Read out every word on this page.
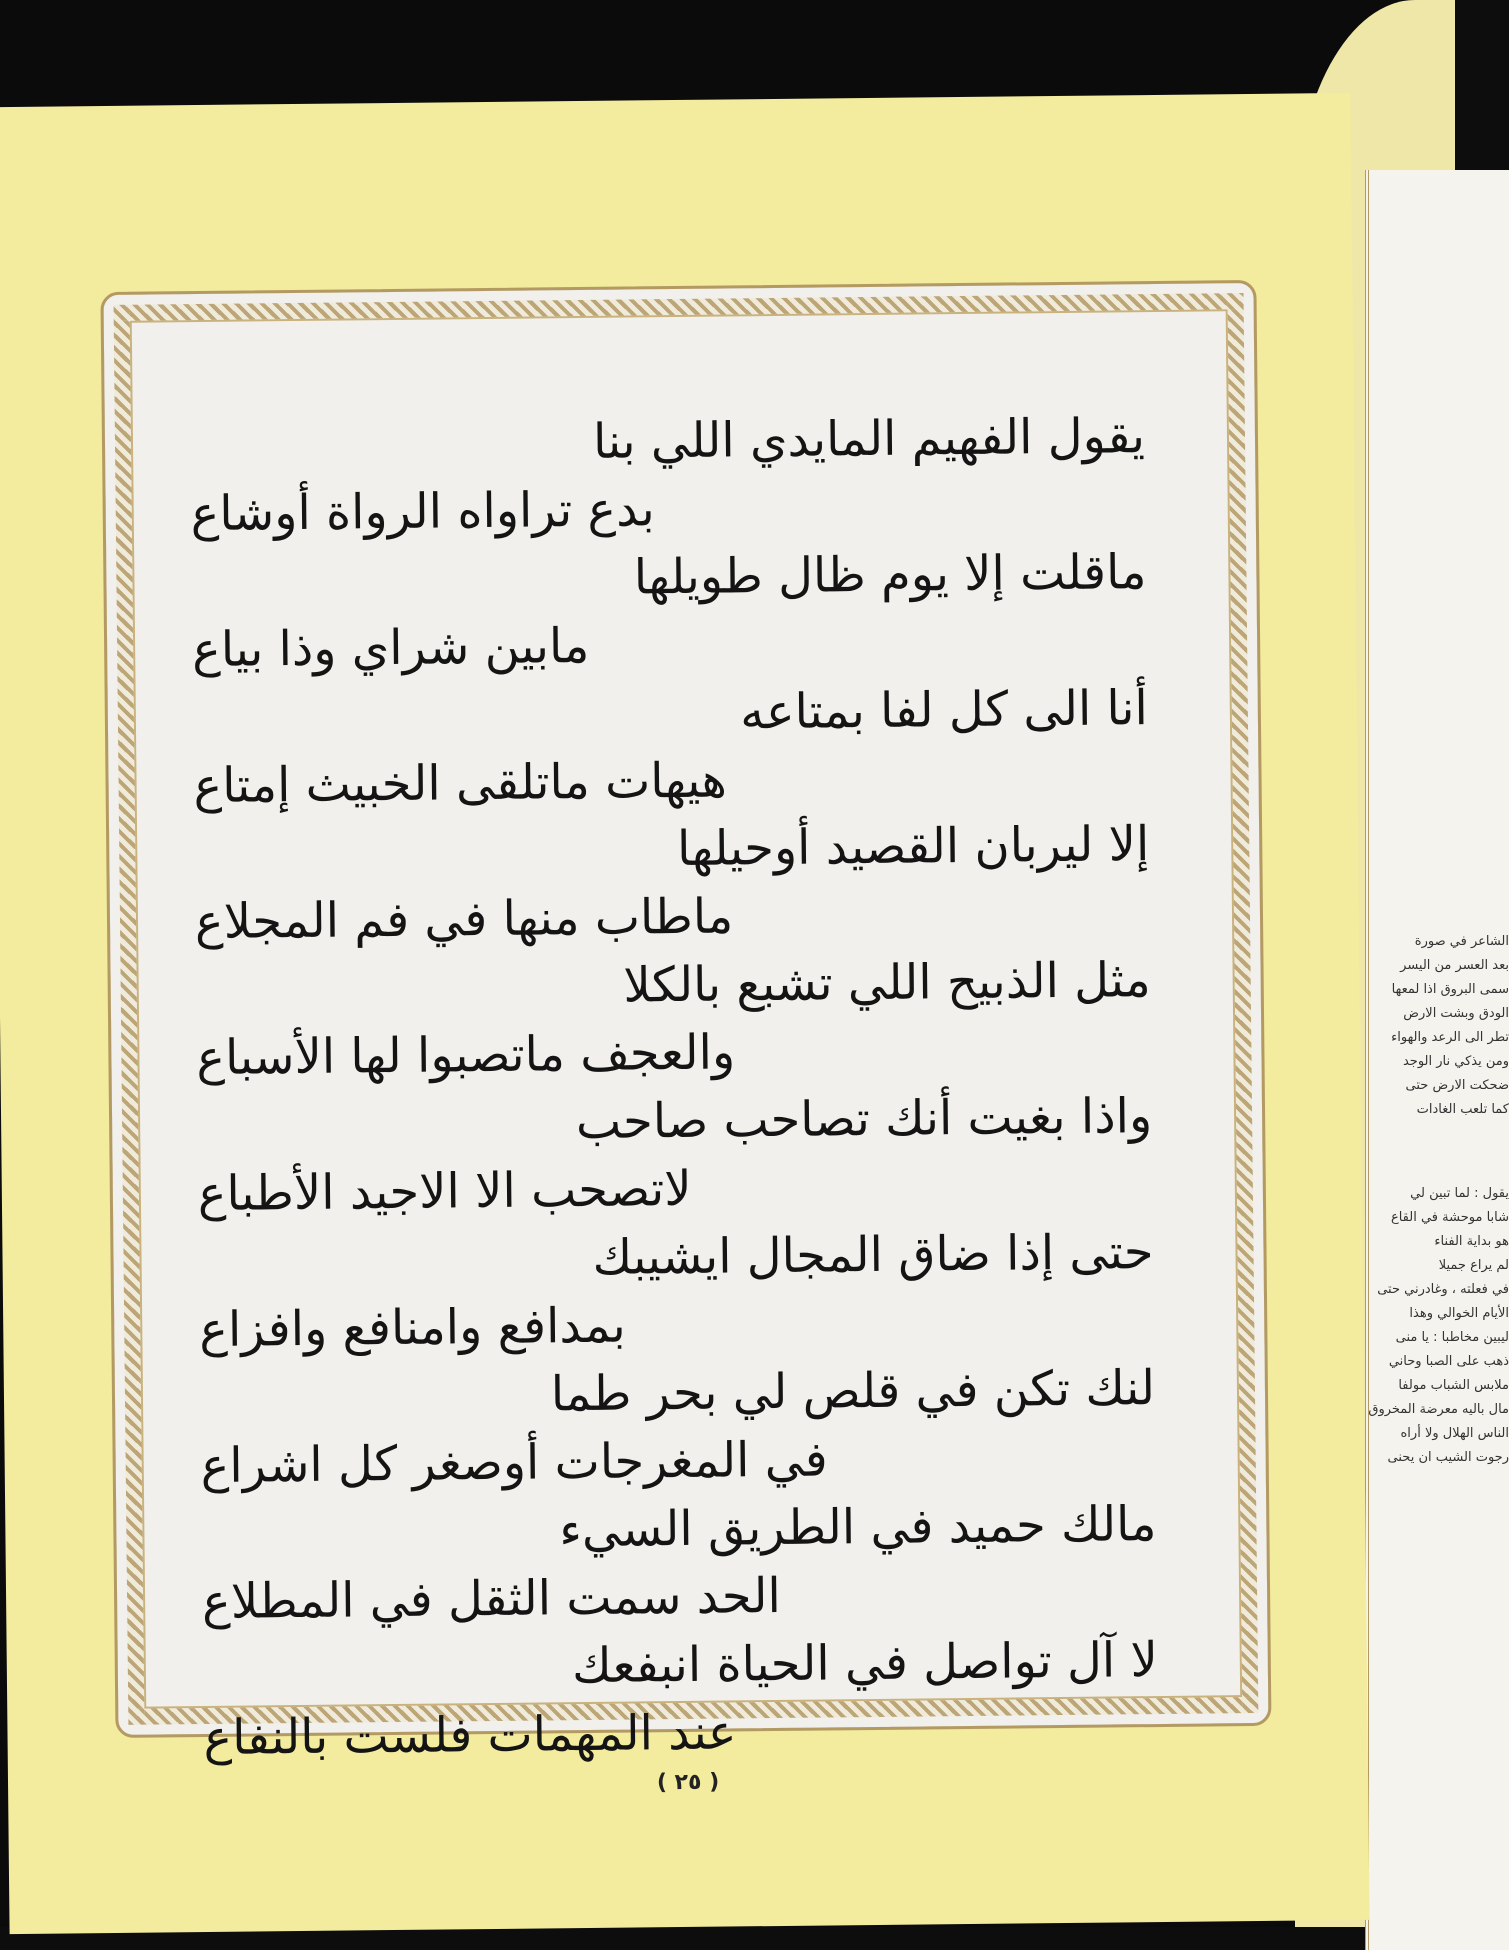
الشاعر في صورة

بعد العسر من اليسر

سمى البروق اذا لمعها

الودق وبشت الارض

تطر الى الرعد والهواء

ومن يذكي نار الوجد

ضحكت الارض حتى

كما تلعب الغادات

يقول : لما تبين لي

شابا موحشة في القاع

هو بداية الفناء

لم يراع جميلا

في فعلته ، وغادرني حتى

الأيام الخوالي وهذا

ليبين مخاطبا : يا منى

ذهب على الصبا وحاني

ملابس الشباب مولفا

مال باليه معرضة المخروق

الناس الهلال ولا أراه

رجوت الشيب ان يحنى

يقول الفهيم المايدي اللي بنا
بدع تراواه الرواة أوشاع
ماقلت إلا يوم ظال طويلها
مابين شراي وذا بياع
أنا الى كل لفا بمتاعه
هيهات ماتلقى الخبيث إمتاع
إلا ليربان القصيد أوحيلها
ماطاب منها في فم المجلاع
مثل الذبيح اللي تشبع بالكلا
والعجف ماتصبوا لها الأسباع
واذا بغيت أنك تصاحب صاحب
لاتصحب الا الاجيد الأطباع
حتى إذا ضاق المجال ايشيبك
بمدافع وامنافع وافزاع
لنك تكن في قلص لي بحر طما
في المغرجات أوصغر كل اشراع
مالك حميد في الطريق السيء
الحد سمت الثقل في المطلاع
لا آل تواصل في الحياة انبفعك
عند المهمات فلست بالنفاع
( ٢٥ )
